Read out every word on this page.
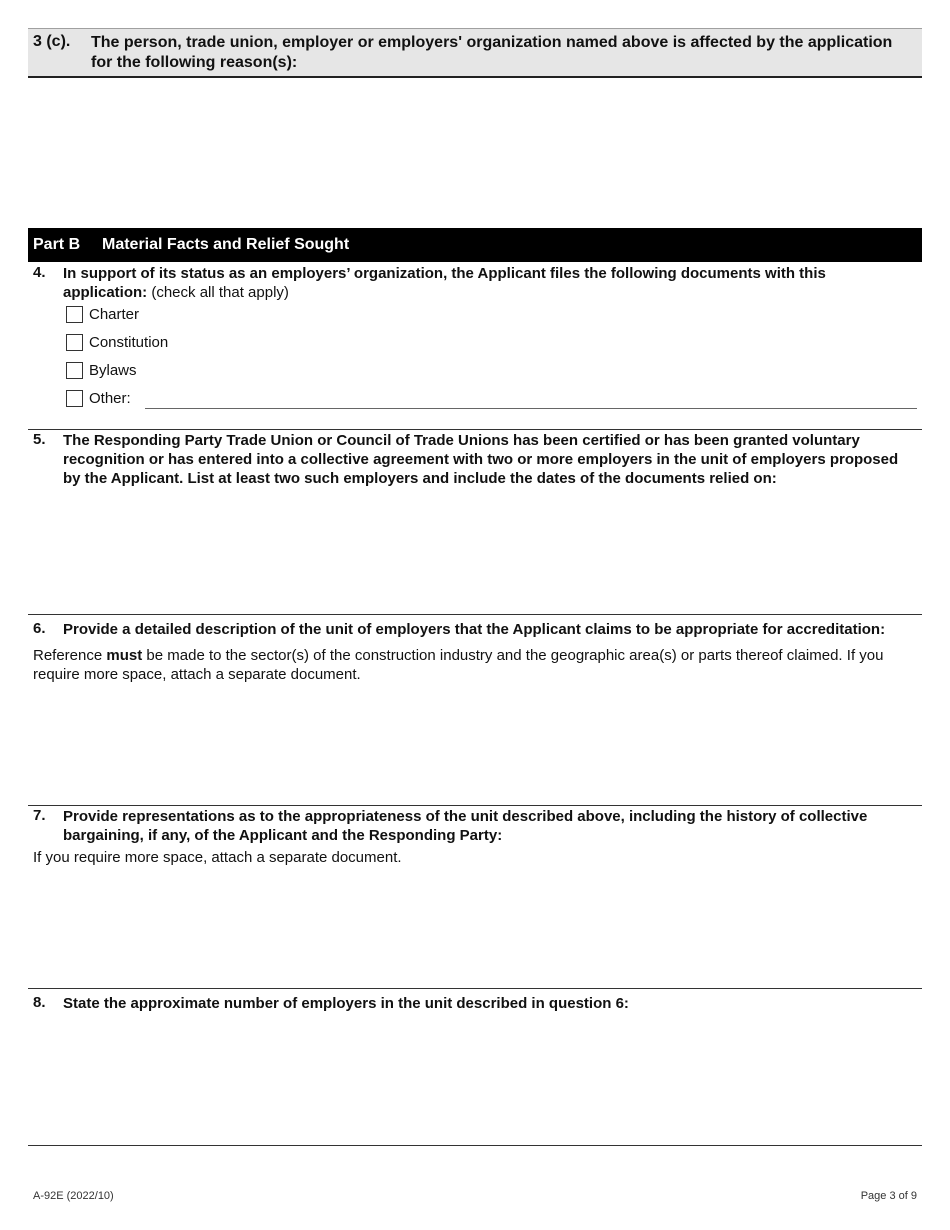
3 (c). The person, trade union, employer or employers' organization named above is affected by the application for the following reason(s):
Part B Material Facts and Relief Sought
4. In support of its status as an employers’ organization, the Applicant files the following documents with this application: (check all that apply)
Charter
Constitution
Bylaws
Other:
5. The Responding Party Trade Union or Council of Trade Unions has been certified or has been granted voluntary recognition or has entered into a collective agreement with two or more employers in the unit of employers proposed by the Applicant. List at least two such employers and include the dates of the documents relied on:
6. Provide a detailed description of the unit of employers that the Applicant claims to be appropriate for accreditation:
Reference must be made to the sector(s) of the construction industry and the geographic area(s) or parts thereof claimed. If you require more space, attach a separate document.
7. Provide representations as to the appropriateness of the unit described above, including the history of collective bargaining, if any, of the Applicant and the Responding Party:
If you require more space, attach a separate document.
8. State the approximate number of employers in the unit described in question 6:
A-92E (2022/10)	Page 3 of 9
